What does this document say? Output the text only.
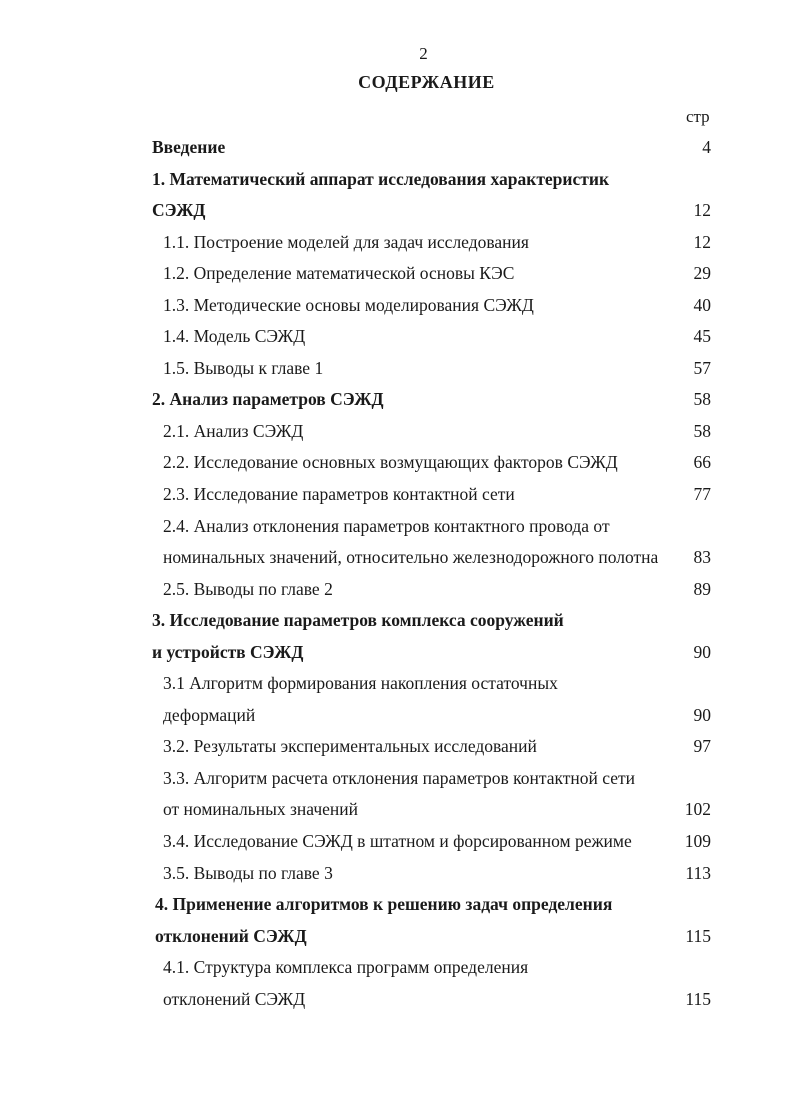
2
СОДЕРЖАНИЕ
стр
Введение	4
1. Математический аппарат исследования характеристик
СЭЖД	12
1.1. Построение моделей для задач исследования	12
1.2. Определение математической основы КЭС	29
1.3. Методические основы моделирования СЭЖД	40
1.4. Модель СЭЖД	45
1.5. Выводы к главе 1	57
2. Анализ параметров СЭЖД	58
2.1. Анализ СЭЖД	58
2.2. Исследование основных возмущающих факторов СЭЖД	66
2.3. Исследование параметров контактной сети	77
2.4. Анализ отклонения параметров контактного провода от
номинальных значений, относительно железнодорожного полотна 83
2.5. Выводы по главе 2	89
3. Исследование параметров комплекса сооружений
и устройств СЭЖД	90
3.1 Алгоритм формирования накопления остаточных
деформаций	90
3.2. Результаты экспериментальных исследований	97
3.3. Алгоритм расчета отклонения параметров контактной сети
от номинальных значений	102
3.4. Исследование СЭЖД в штатном и форсированном режиме	109
3.5. Выводы по главе 3	113
4. Применение алгоритмов к решению задач определения
отклонений СЭЖД	115
4.1. Структура комплекса программ определения
отклонений СЭЖД	115
